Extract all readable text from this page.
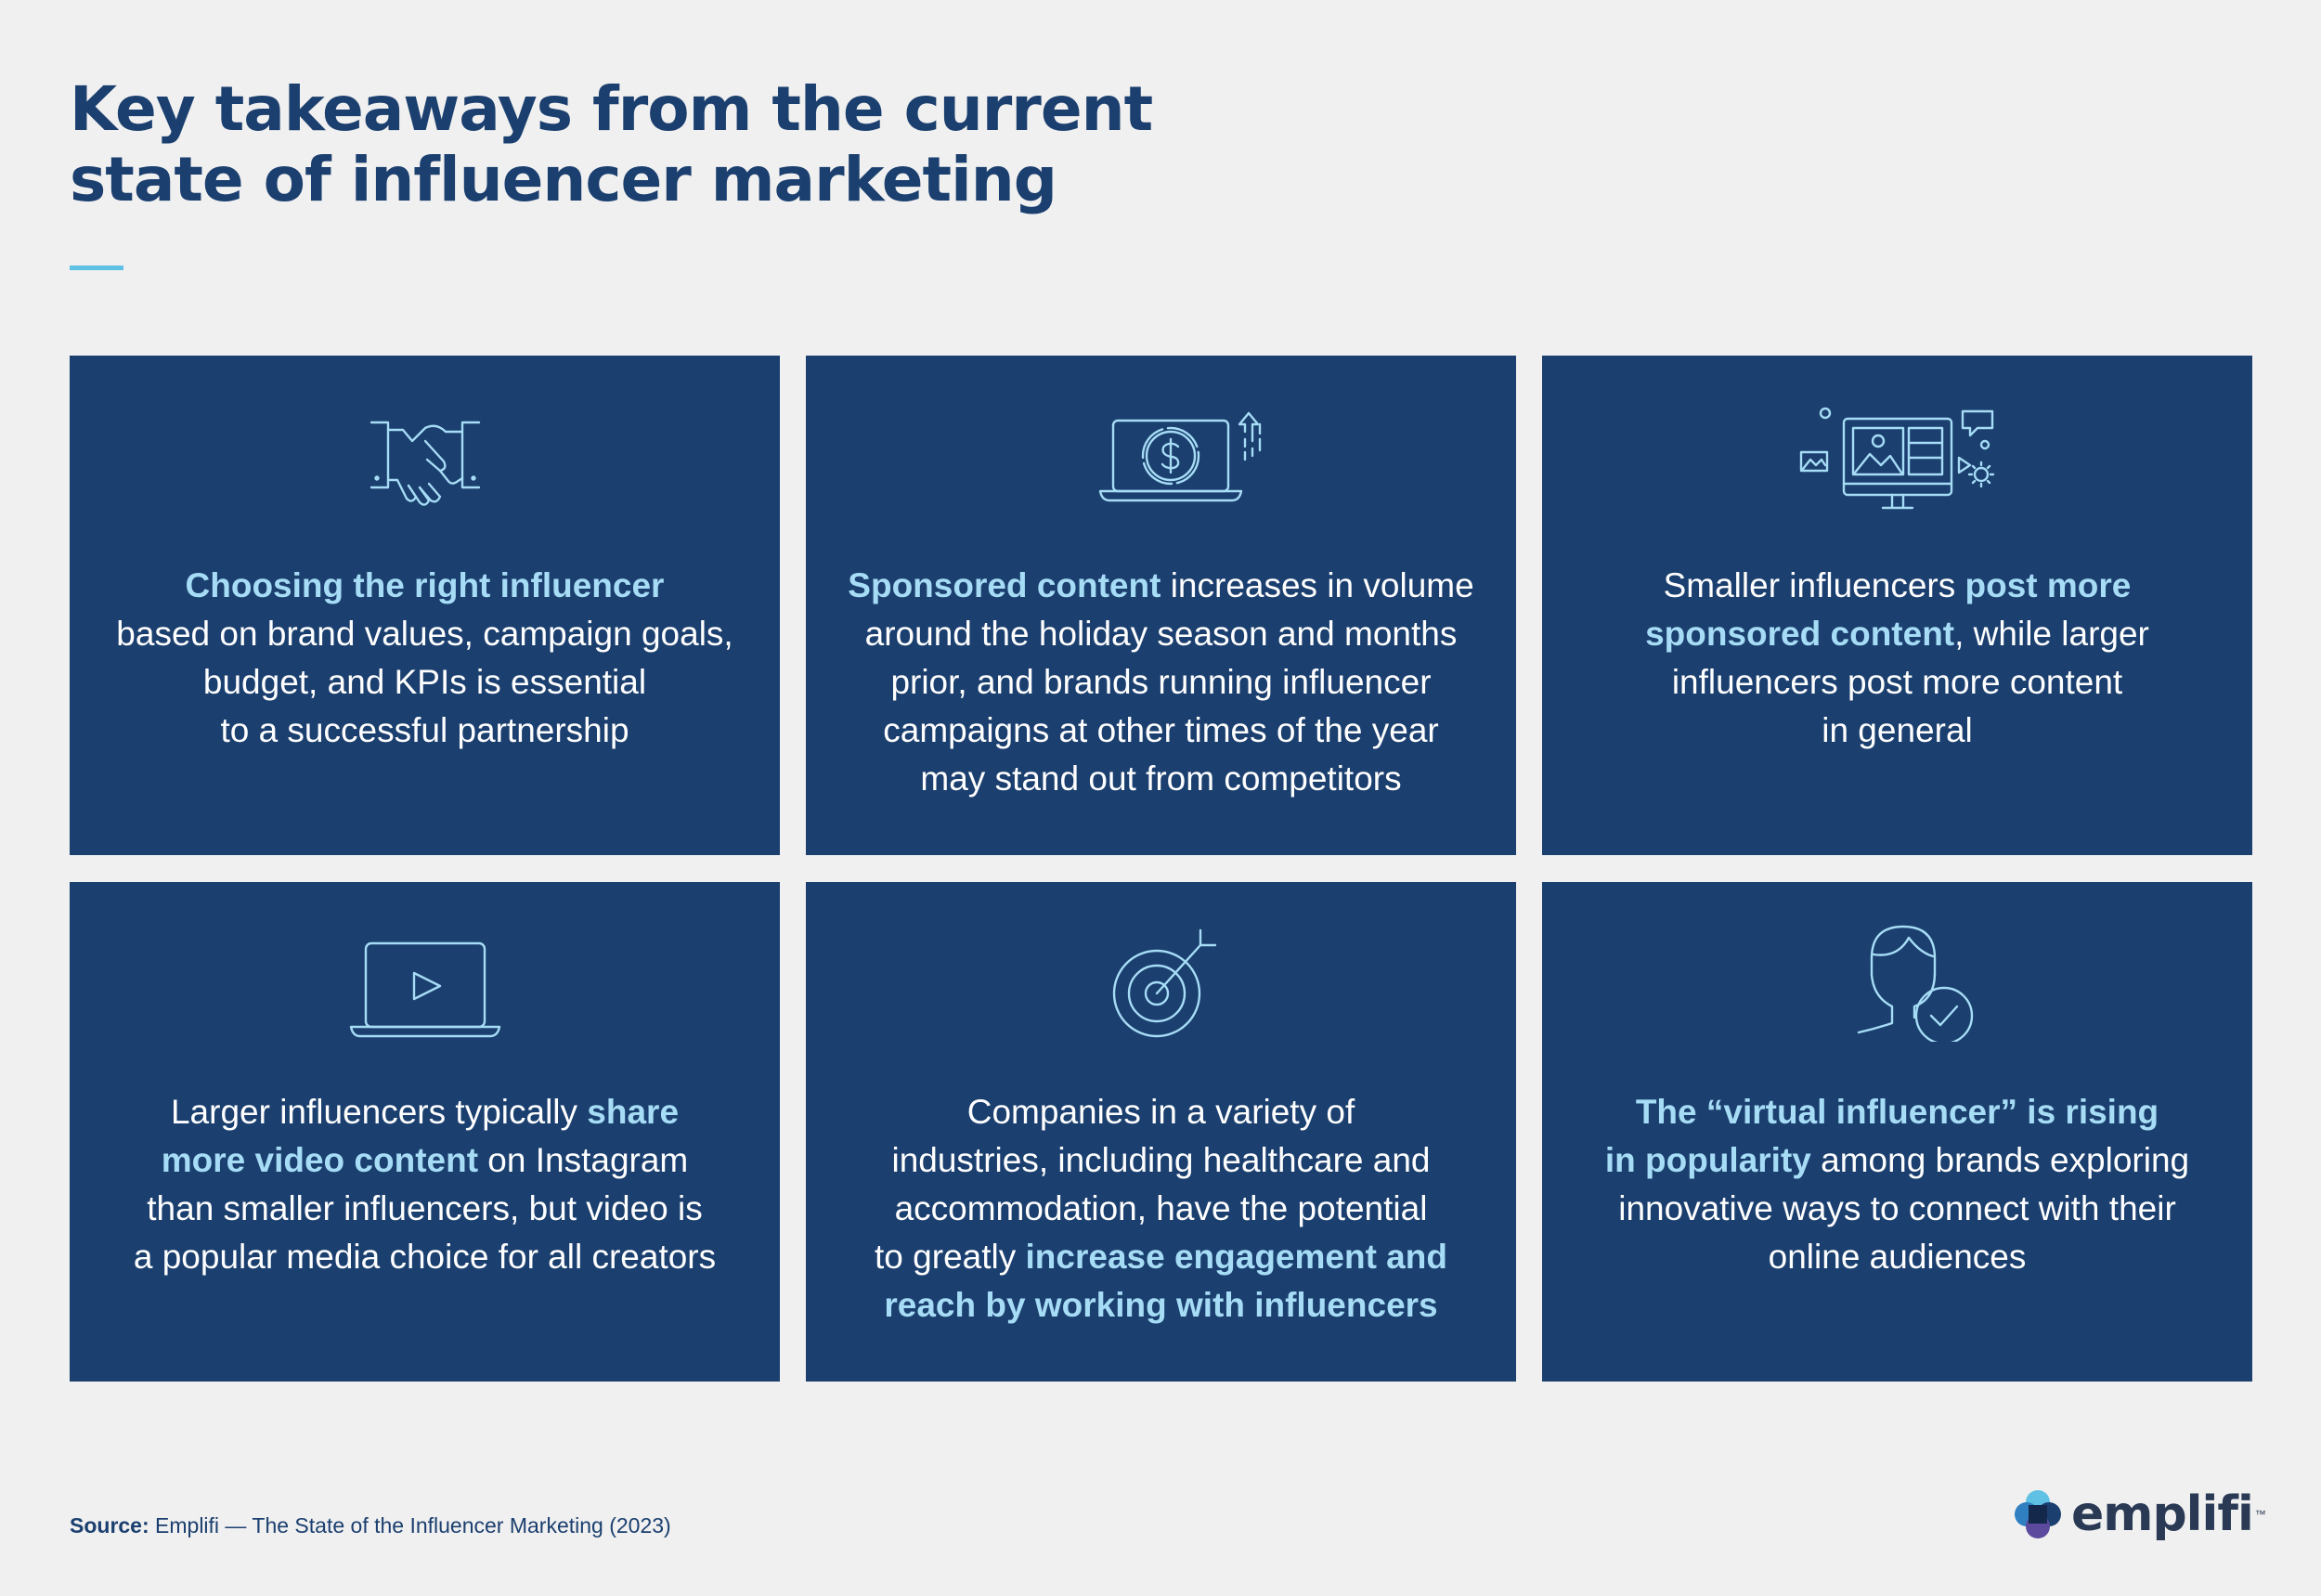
Key takeaways from the current
state of influencer marketing
Choosing the right influencer
based on brand values, campaign goals,
budget, and KPIs is essential
to a successful partnership
Sponsored content increases in volume
around the holiday season and months
prior, and brands running influencer
campaigns at other times of the year
may stand out from competitors
Smaller influencers post more
sponsored content, while larger
influencers post more content
in general
Larger influencers typically share
more video content on Instagram
than smaller influencers, but video is
a popular media choice for all creators
Companies in a variety of
industries, including healthcare and
accommodation, have the potential
to greatly increase engagement and
reach by working with influencers
The “virtual influencer” is rising
in popularity among brands exploring
innovative ways to connect with their
online audiences
Source: Emplifi — The State of the Influencer Marketing (2023)	emplifi ™
